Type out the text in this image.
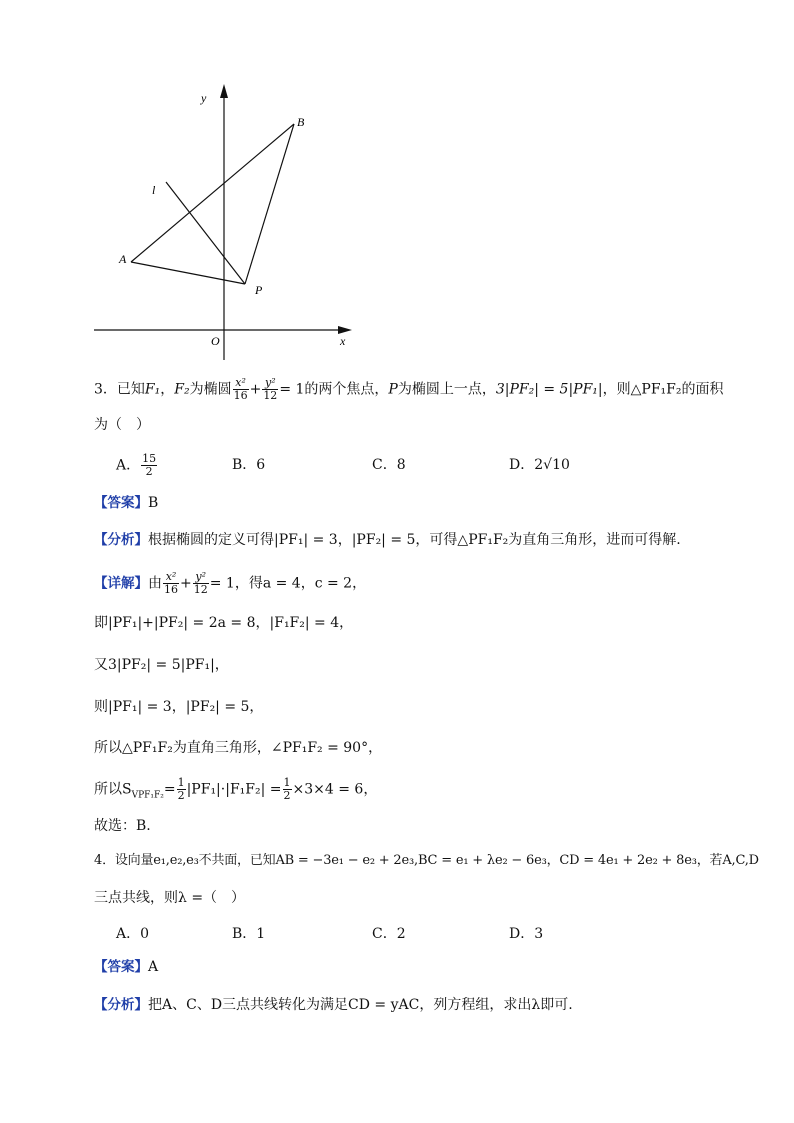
y
x
O
A
B
P
l
3．已知F₁，F₂为椭圆 $\frac{\text{x²}}{16} + \frac{\text{y²}}{12} = 1$的两个焦点，P为椭圆上一点，3|PF₂| = 5|PF₁|，则△PF₁F₂的面积
为（　）
A． $\frac{15}{2}$	B．6	C．8	D．2√10
【答案】B
【分析】根据椭圆的定义可得|PF₁| = 3，|PF₂| = 5，可得△PF₁F₂为直角三角形，进而可得解.
【详解】由 $\frac{\text{x²}}{16} + \frac{\text{y²}}{12} = 1$，得a = 4，c = 2，
即|PF₁|+|PF₂| = 2a = 8，|F₁F₂| = 4，
又3|PF₂| = 5|PF₁|，
则|PF₁| = 3，|PF₂| = 5，
所以△PF₁F₂为直角三角形，∠PF₁F₂ = 90°，
所以$S_{VPF_1F_2}= \frac{1}{2} |PF_1|\cdot|F_1F_2| = \frac{1}{2} \times 3\times 4 = 6$，
故选：B.
4．设向量e₁,e₂,e₃不共面，已知AB = −3e₁ − e₂ + 2e₃,BC = e₁ + λe₂ − 6e₃，CD = 4e₁ + 2e₂ + 8e₃，若A,C,D
三点共线，则λ =（　）
A．0	B．1	C．2	D．3
【答案】A
【分析】把A、C、D三点共线转化为满足CD = yAC，列方程组，求出λ即可.
